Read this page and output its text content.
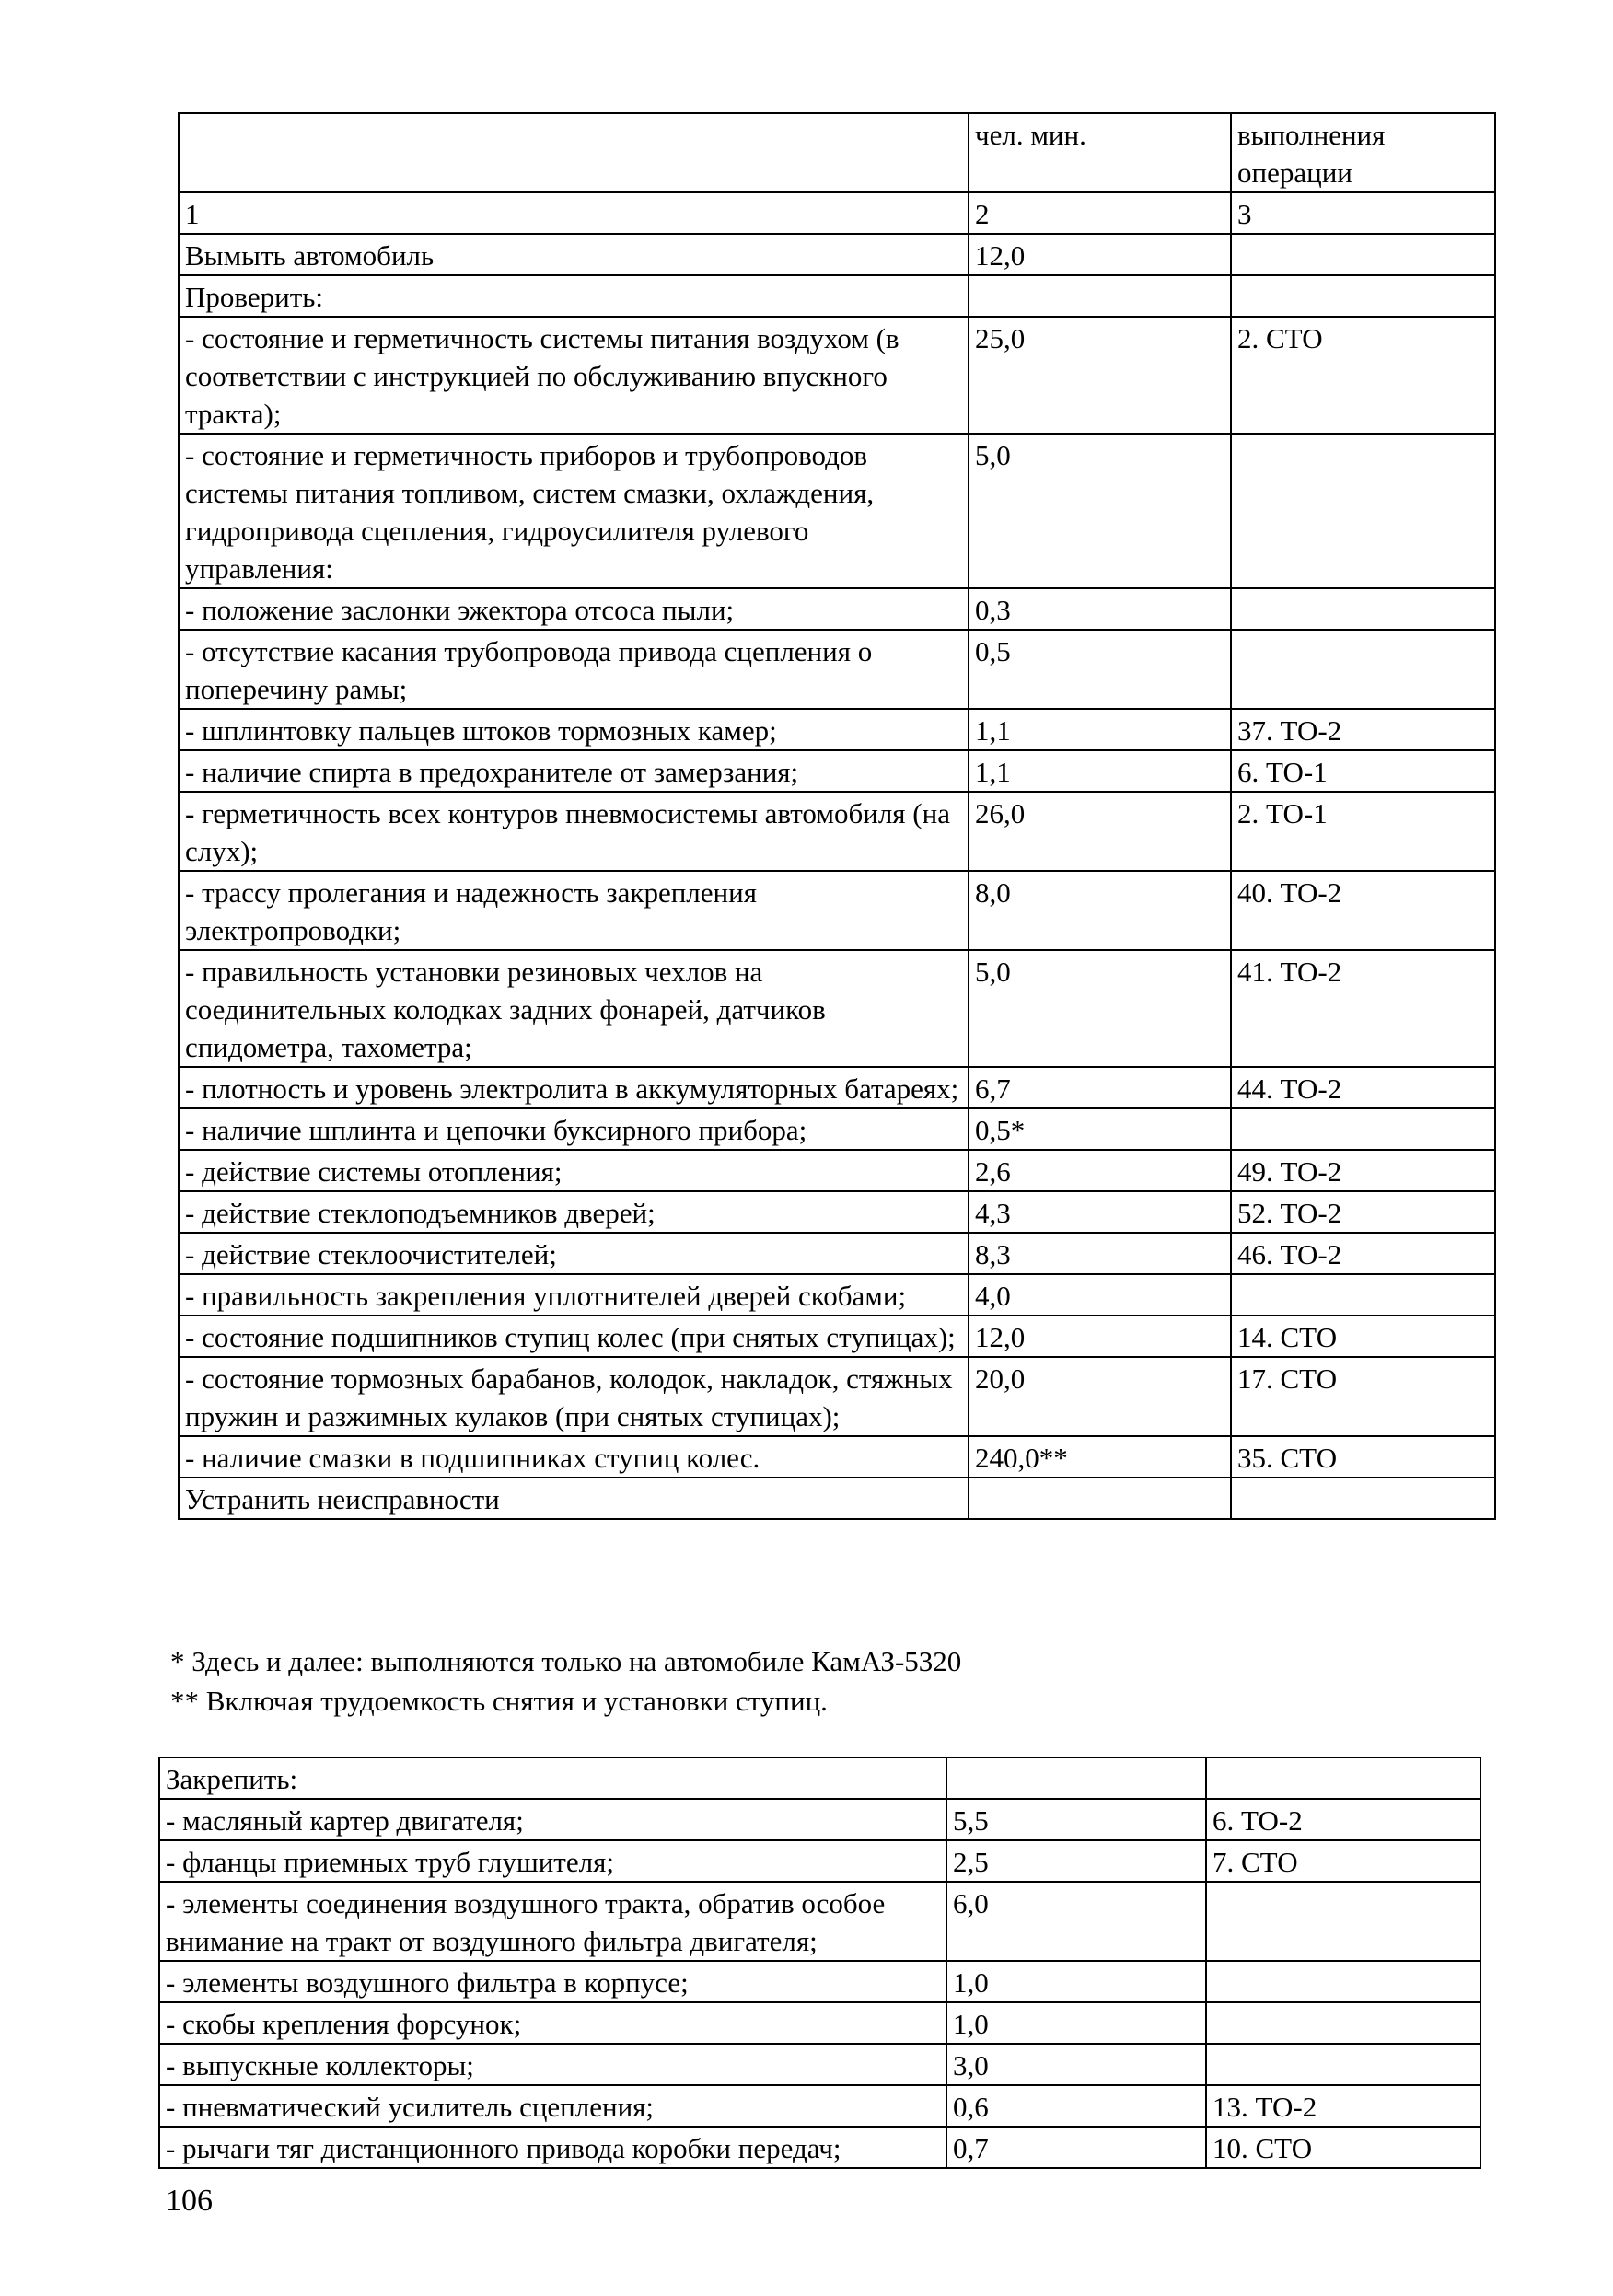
	чел. мин.	выполнения операции
1	2	3
Вымыть автомобиль	12,0	
Проверить:		
- состояние и герметичность системы питания воздухом (в соответствии с инструкцией по обслуживанию впускного тракта);	25,0	2. СТО
- состояние и герметичность приборов и трубопроводов системы питания топливом, систем смазки, охлаждения, гидропривода сцепления, гидроусилителя рулевого управления:	5,0	
- положение заслонки эжектора отсоса пыли;	0,3	
- отсутствие касания трубопровода привода сцепления о поперечину рамы;	0,5	
- шплинтовку пальцев штоков тормозных камер;	1,1	37. ТО-2
- наличие спирта в предохранителе от замерзания;	1,1	6. ТО-1
- герметичность всех контуров пневмосистемы автомобиля (на слух);	26,0	2. ТО-1
- трассу пролегания и надежность закрепления электропроводки;	8,0	40. ТО-2
- правильность установки резиновых чехлов на соединительных колодках задних фонарей, датчиков спидометра, тахометра;	5,0	41. ТО-2
- плотность и уровень электролита в аккумуляторных батареях;	6,7	44. ТО-2
- наличие шплинта и цепочки буксирного прибора;	0,5*	
- действие системы отопления;	2,6	49. ТО-2
- действие стеклоподъемников дверей;	4,3	52. ТО-2
- действие стеклоочистителей;	8,3	46. ТО-2
- правильность закрепления уплотнителей дверей скобами;	4,0	
- состояние подшипников ступиц колес (при снятых ступицах);	12,0	14. СТО
- состояние тормозных барабанов, колодок, накладок, стяжных пружин и разжимных кулаков (при снятых ступицах);	20,0	17. СТО
- наличие смазки в подшипниках ступиц колес.	240,0**	35. СТО
Устранить неисправности		
* Здесь и далее: выполняются только на автомобиле КамАЗ-5320
** Включая трудоемкость снятия и установки ступиц.
Закрепить:		
- масляный картер двигателя;	5,5	6. ТО-2
- фланцы приемных труб глушителя;	2,5	7. СТО
- элементы соединения воздушного тракта, обратив особое внимание на тракт от воздушного фильтра двигателя;	6,0	
- элементы воздушного фильтра в корпусе;	1,0	
- скобы крепления форсунок;	1,0	
- выпускные коллекторы;	3,0	
- пневматический усилитель сцепления;	0,6	13. ТО-2
- рычаги тяг дистанционного привода коробки передач;	0,7	10. СТО
106
